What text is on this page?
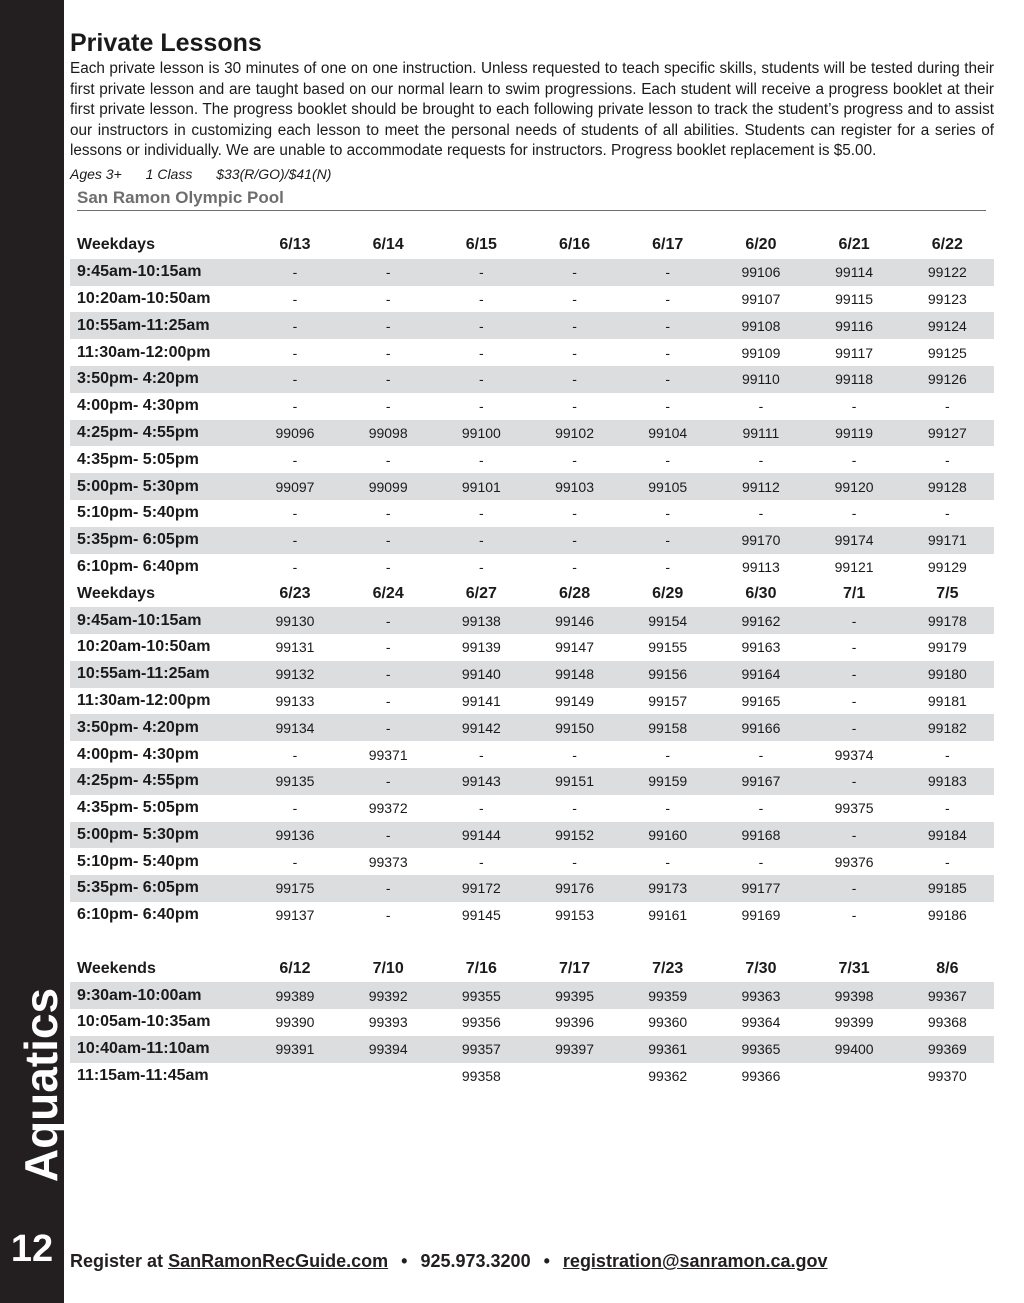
Aquatics
12
Private Lessons

Each private lesson is 30 minutes of one on one instruction. Unless requested to teach specific skills, students will be tested during their first private lesson and are taught based on our normal learn to swim progressions. Each student will receive a progress booklet at their first private lesson. The progress booklet should be brought to each following private lesson to track the student’s progress and to assist our instructors in customizing each lesson to meet the personal needs of students of all abilities. Students can register for a series of lessons or individually. We are unable to accommodate requests for instructors. Progress booklet replacement is $5.00.

Ages 3+ 1 Class $33(R/GO)/$41(N)
San Ramon Olympic Pool
Weekdays	6/13	6/14	6/15	6/16	6/17	6/20	6/21	6/22
9:45am-10:15am	-	-	-	-	-	99106	99114	99122
10:20am-10:50am	-	-	-	-	-	99107	99115	99123
10:55am-11:25am	-	-	-	-	-	99108	99116	99124
11:30am-12:00pm	-	-	-	-	-	99109	99117	99125
3:50pm- 4:20pm	-	-	-	-	-	99110	99118	99126
4:00pm- 4:30pm	-	-	-	-	-	-	-	-
4:25pm- 4:55pm	99096	99098	99100	99102	99104	99111	99119	99127
4:35pm- 5:05pm	-	-	-	-	-	-	-	-
5:00pm- 5:30pm	99097	99099	99101	99103	99105	99112	99120	99128
5:10pm- 5:40pm	-	-	-	-	-	-	-	-
5:35pm- 6:05pm	-	-	-	-	-	99170	99174	99171
6:10pm- 6:40pm	-	-	-	-	-	99113	99121	99129
Weekdays	6/23	6/24	6/27	6/28	6/29	6/30	7/1	7/5
9:45am-10:15am	99130	-	99138	99146	99154	99162	-	99178
10:20am-10:50am	99131	-	99139	99147	99155	99163	-	99179
10:55am-11:25am	99132	-	99140	99148	99156	99164	-	99180
11:30am-12:00pm	99133	-	99141	99149	99157	99165	-	99181
3:50pm- 4:20pm	99134	-	99142	99150	99158	99166	-	99182
4:00pm- 4:30pm	-	99371	-	-	-	-	99374	-
4:25pm- 4:55pm	99135	-	99143	99151	99159	99167	-	99183
4:35pm- 5:05pm	-	99372	-	-	-	-	99375	-
5:00pm- 5:30pm	99136	-	99144	99152	99160	99168	-	99184
5:10pm- 5:40pm	-	99373	-	-	-	-	99376	-
5:35pm- 6:05pm	99175	-	99172	99176	99173	99177	-	99185
6:10pm- 6:40pm	99137	-	99145	99153	99161	99169	-	99186

Weekends	6/12	7/10	7/16	7/17	7/23	7/30	7/31	8/6
9:30am-10:00am	99389	99392	99355	99395	99359	99363	99398	99367
10:05am-10:35am	99390	99393	99356	99396	99360	99364	99399	99368
10:40am-11:10am	99391	99394	99357	99397	99361	99365	99400	99369
11:15am-11:45am			99358		99362	99366		99370
Register at SanRamonRecGuide.com • 925.973.3200 • registration@sanramon.ca.gov
